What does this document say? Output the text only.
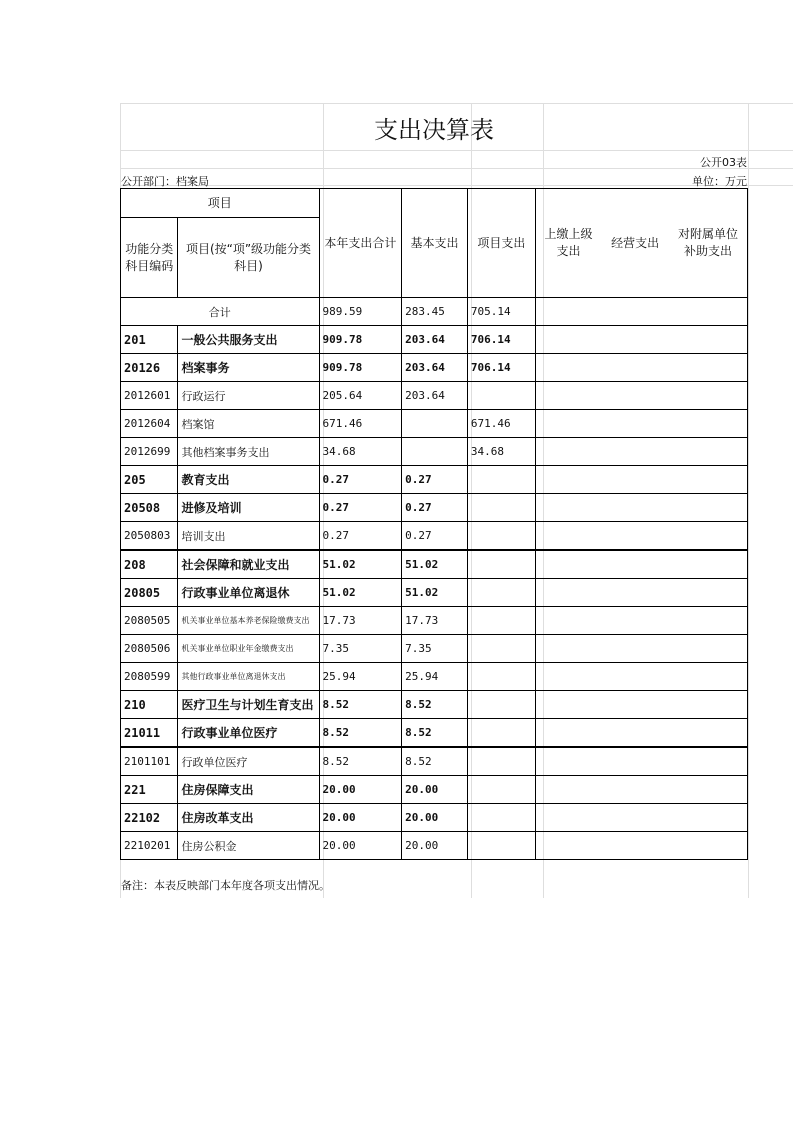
支出决算表
公开03表
公开部门：档案局	单位：万元
项目		本年支出合计	基本支出	项目支出	上缴上级支出	经营支出	对附属单位补助支出
功能分类科目编码	项目(按“项”级功能分类科目)						
合计		989.59	283.45	705.14			
201	一般公共服务支出	909.78	203.64	706.14			
20126	档案事务	909.78	203.64	706.14			
2012601	行政运行	205.64	203.64				
2012604	档案馆	671.46		671.46			
2012699	其他档案事务支出	34.68		34.68			
205	教育支出	0.27	0.27				
20508	进修及培训	0.27	0.27				
2050803	培训支出	0.27	0.27				
208	社会保障和就业支出	51.02	51.02				
20805	行政事业单位离退休	51.02	51.02				
2080505	机关事业单位基本养老保险缴费支出	17.73	17.73				
2080506	机关事业单位职业年金缴费支出	7.35	7.35				
2080599	其他行政事业单位离退休支出	25.94	25.94				
210	医疗卫生与计划生育支出	8.52	8.52				
21011	行政事业单位医疗	8.52	8.52				
2101101	行政单位医疗	8.52	8.52				
221	住房保障支出	20.00	20.00				
22102	住房改革支出	20.00	20.00				
2210201	住房公积金	20.00	20.00				
备注：本表反映部门本年度各项支出情况。
